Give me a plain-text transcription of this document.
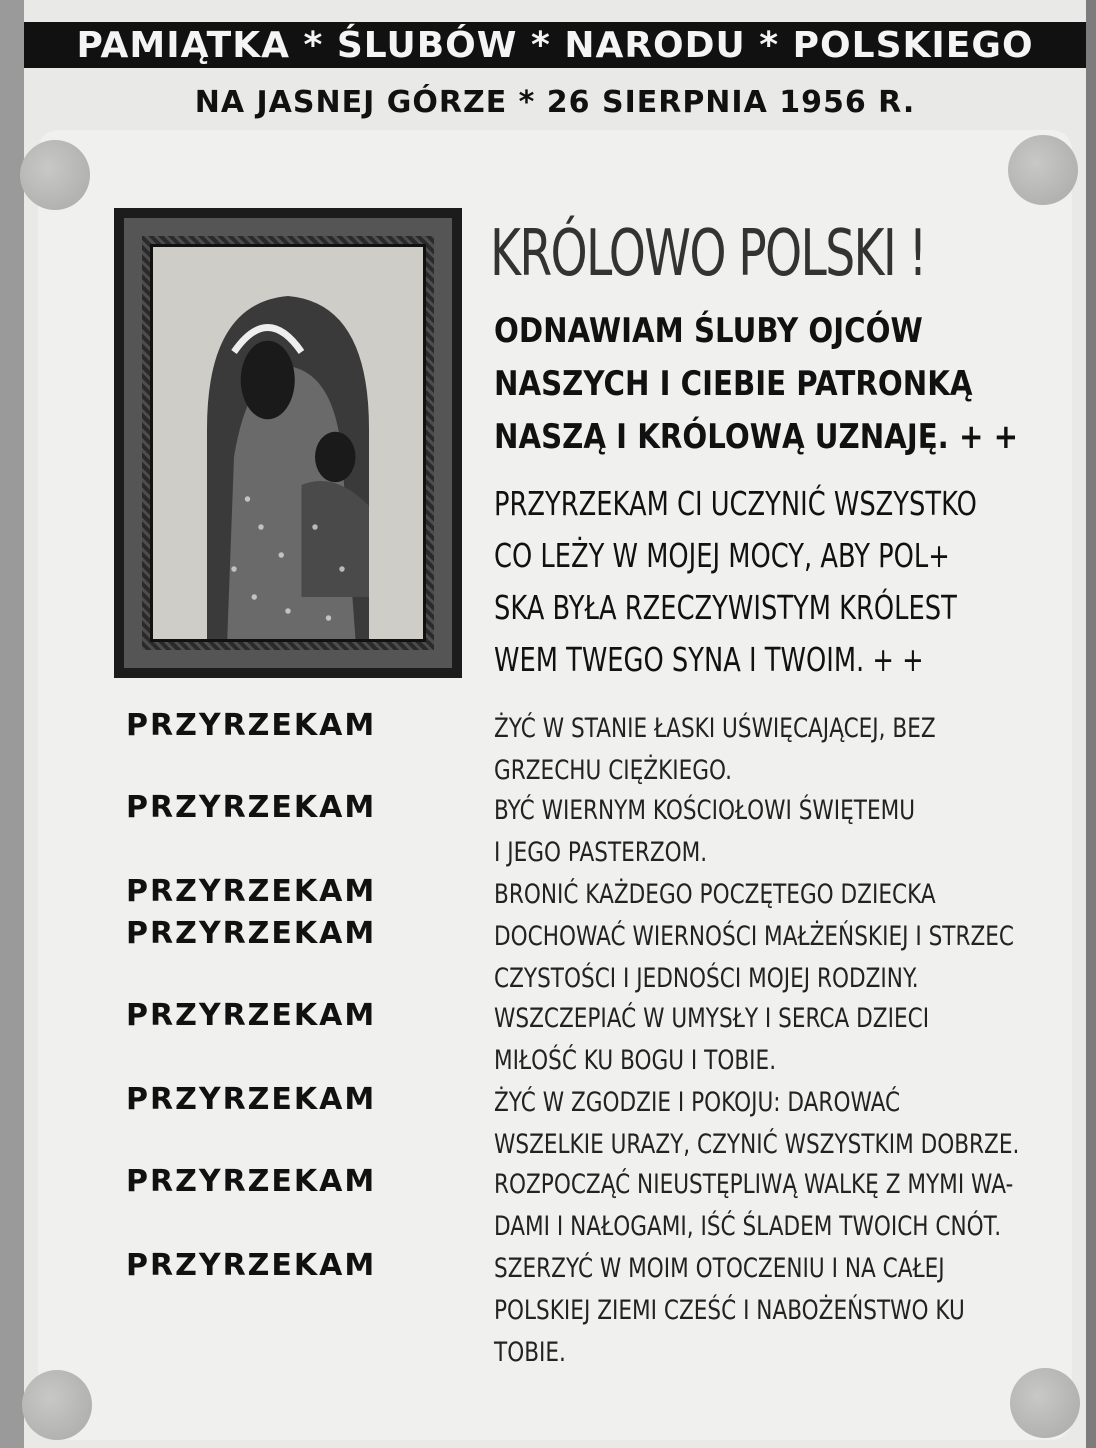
PAMIĄTKA * ŚLUBÓW * NARODU * POLSKIEGO
NA JASNEJ GÓRZE * 26 SIERPNIA 1956 R.
KRÓLOWO POLSKI !
ODNAWIAM ŚLUBY OJCÓW
NASZYCH I CIEBIE PATRONKĄ
NASZĄ I KRÓLOWĄ UZNAJĘ. + +
PRZYRZEKAM CI UCZYNIĆ WSZYSTKO
CO LEŻY W MOJEJ MOCY, ABY POL+
SKA BYŁA RZECZYWISTYM KRÓLEST
WEM TWEGO SYNA I TWOIM. + +
PRZYRZEKAM	ŻYĆ W STANIE ŁASKI UŚWIĘCAJĄCEJ, BEZ
GRZECHU CIĘŻKIEGO.
PRZYRZEKAM	BYĆ WIERNYM KOŚCIOŁOWI ŚWIĘTEMU
I JEGO PASTERZOM.
PRZYRZEKAM	BRONIĆ KAŻDEGO POCZĘTEGO DZIECKA
PRZYRZEKAM	DOCHOWAĆ WIERNOŚCI MAŁŻEŃSKIEJ I STRZEC
CZYSTOŚCI I JEDNOŚCI MOJEJ RODZINY.
PRZYRZEKAM	WSZCZEPIAĆ W UMYSŁY I SERCA DZIECI
MIŁOŚĆ KU BOGU I TOBIE.
PRZYRZEKAM	ŻYĆ W ZGODZIE I POKOJU: DAROWAĆ
WSZELKIE URAZY, CZYNIĆ WSZYSTKIM DOBRZE.
PRZYRZEKAM	ROZPOCZĄĆ NIEUSTĘPLIWĄ WALKĘ Z MYMI WA-
DAMI I NAŁOGAMI, IŚĆ ŚLADEM TWOICH CNÓT.
PRZYRZEKAM	SZERZYĆ W MOIM OTOCZENIU I NA CAŁEJ
POLSKIEJ ZIEMI CZEŚĆ I NABOŻEŃSTWO KU
TOBIE.
